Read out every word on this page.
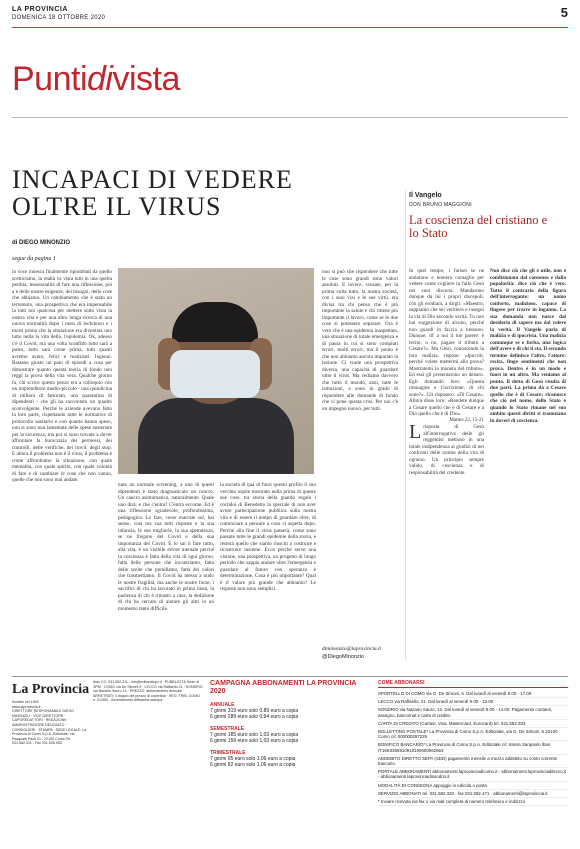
LA PROVINCIA
DOMENICA 18 OTTOBRE 2020	5
Puntidivista
INCAPACI DI VEDERE
OLTRE IL VIRUS
di DIEGO MINONZIO
segue da pagina 1
in voce innesca finalmente ripiombati da quello scetticismo, la realtà va vista tutti in una quella perdita, lessenzialità di fare una riflessione, poi a e delle nostre esigenze, dei bisogni, delle cose che abbiamo. Un cambiamento che è stato un terremoto, una prospettiva che era impensabile la tutti noi qualcosa per mettere sotto vista la nostra vita e per una altro lunga ricerca di una nuova normalità dopo i mesi di lockdown e i morti prima che la situazione era diventata uno lutto nella la vita della, l'epidemia. Ok, adesso c'è il Covid, ma una volta sconfitto tutto sarà a posto, tutto sarà come prima, tutti quanti avremo avuto, felici e realizzati. Ingenui. Bastano giusto un paio di episodi a cosa per dimostrare quanto questa teoria di fondo non reggi la prova della vita vera. Qualche giorno fa, chi scrive questo pezzo era a colloquio con un imprenditore medio-piccolo - una quindicina di milioni di fatturato, una quarantina di dipendenti - che gli ha raccontato un quadro sconvolgente. Perché le aziende avevano fatto la loro parte, rispettando tutte le normative di protocollo sanitario e con quanto hanno speso, non si sono mai lamentate delle spese sostenute per la sicurezza, ma poi si sono trovate a dover affrontare la burocrazia dei permessi, dei controlli, delle verifiche, dei rinvii, degli stop. E allora il problema non è il virus, il problema è come affrontiamo la situazione, con quale mentalità, con quale spirito, con quale volontà di fare e di cambiare le cose che non vanno, quelle che non sono mai andate.
nute un normale screening, a uno di questi dipendenti è stato diagnosticato un cancro. Un cancro asintomatico, naturalmente. Quale uno dirà: e che c'entra? C'entra eccome. Ed è una riflessione sgradevole, profondissima, pedagogica. Lo fare, corse marcate sul, hai senso, così rea sua tutti risposte e la sua infanzia, le sue migliorie, la sua spettatezza, se ne fregano del Covid e della sua importanza del Covid. E lo sai il fare tutto, alla vita, è un visibile errore mentale perché la coscienza è fatta della vita di ogni giorno, fatta delle persone che incontriamo, fatta delle scelte che prendiamo, fatta dei valori che trasmettiamo. Il Covid ha messo a nudo le nostre fragilità, ma anche le nostre forze, i sacrifici di chi ha lavorato in prima linea, la pazienza di chi è rimasto a casa, la dedizione di chi ha cercato di aiutare gli altri in un momento tanto difficile.
la società di qua di fuori questo profilo il suo vecchio ospite mostrato nella prima di queste sue cose, tra storia della guardo regalo i corridoi di Benedetto la speciale di non aver avuto partecipazione pubblica sulla nostra vita e di essere il tempo di guardare oltre, di cominciare a pensare a cosa ci aspetta dopo. Perché alla fine il virus passerà, come sono passate tutte le grandi epidemie della storia, e resterà quello che siamo riusciti a costruire e ricostruire insieme. Ecco perché serve una visione, una prospettiva, un progetto di lungo periodo che sappia andare oltre l'emergenza e guardare al futuro con speranza e determinazione. Cosa è più importante? Qual è il valore più grande che abbiamo? Le risposte non sono semplici.
non si può che rispondere che tutte le cose sono grandi sono valori assoluti. E invece, scusate, per la prima volta tutto, la nostra società, con i suoi vizi e le sue virtù, era divisa tra chi pensa che è più importante la salute e chi ritiene più importante il lavoro, come se le due cose si potessero separare. Ora è vero che è una epidemia inaspettata, una situazione di totale emergenza e di paura in cui si sono compiuti errori, molti errori, ma il punto è che non abbiamo ancora imparato la lezione. Ci vuole una prospettiva diversa, una capacità di guardare oltre il virus. Ma vediamo davvero che tutto il mondo, anzi, tutte le istituzioni, o sono in grado di rispondere alle domande di fondo che ci pone questa crisi. Per noi c'è un impegno nuovo, per tutti.
diminonzio@laprovincia.it
@DiegoMinonzio
Il Vangelo
DON BRUNO MAGGIONI
La coscienza del cristiano e lo Stato
In quel tempo, i farisei se ne andarono e tennero consiglio per vedere come cogliere in fallo Gesù nei suoi discorsi. Mandarono dunque da lui i propri discepoli, con gli erodiani, a dirgli: «Maestro, sappiamo che sei veritiero e insegni la via di Dio secondo verità. Tu non hai soggezione di alcuno, perché non guardi in faccia a nessuno. Dunque, di' a noi il tuo parere: è lecito, o no, pagare il tributo a Cesare?». Ma Gesù, conoscendo la loro malizia, rispose: «Ipocriti, perché volete mettermi alla prova? Mostratemi la moneta del tributo». Ed essi gli presentarono un denaro. Egli domandò loro: «Questa immagine e l'iscrizione, di chi sono?». Gli risposero: «Di Cesare». Allora disse loro: «Rendete dunque a Cesare quello che è di Cesare e a Dio quello che è di Dio».
Matteo 22, 15-21
Lrisposta di Gesù all'interrogativo delle gli reggentisi mettono in una totale indipendenza ai giudizi di nei confronti delle norme della vita di ognuno. Un principio sempre valido, di coscienza e di responsabilità del credente.
Non dice ciò che gli è utile, non è condizionato dal consenso e dalla popolarità: dice ciò che è vero. Tutto il contrario della figura dell'interrogante: un uomo conforto, malizioso, capace di fingere per trarre in inganno. La sua domanda non nasce dal desiderio di sapere ma dal volere la verità. Il Vangelo parla di malizia e di ipocrisia. Una malizia comunque se e furba, una logica dell'avere e di chi ti sta. Il secondo termine definisce l'altro, l'attore: recita, finge sentimenti che non prova. Dentro è in un modo e fuori in un altro. Ma veniamo al punto. Il detto di Gesù risulta di due parti. La prima dà a Cesare quello che è di Cesare; riconosce che ciò nel nome, dello Stato e quando lo Stato rimane nel suo ambito questi diritti si tramutano in doveri di coscienza.
La Provincia
fondato nel 1892
www.laprovincia.it
DIRETTORE RESPONSABILE DIEGO MINONZIO · VICE DIRETTORE · CAPOREDATTORI · REDAZIONE · AMMINISTRATORE DELEGATO · CONSIGLIERI · STAMPA · SEDE LEGALE: La Provincia di Como S.p.A. Editoriale, via Pasquale Paoli 21 - 22100 Como Tel. 031.582.311 - Fax 031.505.555
Iban CC: 031.582.311 - info@editorialepc.it · PUBBLICITÀ Sede di SPM · COMO via De Simoni 6 · LECCO via Raffaello 21 · SONDRIO via Nazario Sauro 13 · PREZZO: abbonamento annuale · ARRETRATI: il doppio del prezzo di copertina · REG. TRIB. COMO n. 2/1950 · Accertamento diffusione stampa
CAMPAGNA ABBONAMENTI LA PROVINCIA 2020
ANNUALE
7 giorni 319 euro solo 0,89 euro a copia
6 giorni 289 euro solo 0,94 euro a copia
SEMESTRALE
7 giorni 185 euro solo 1,03 euro a copia
6 giorni 159 euro solo 1,03 euro a copia
TRIMESTRALE
7 giorni 95 euro solo 1,06 euro a copia
6 giorni 82 euro solo 1,06 euro a copia
COME ABBONARSI
SPORTELLO DI COMO via G. De Simoni, 6. Dal lunedì al venerdì 9.00 - 17.00
LECCO via Raffaello, 21. Dal lunedì al venerdì 9.00 - 13.00
SONDRIO via Nazario Sauro, 13. Dal lunedì al venerdì 9.00 - 14.00. Pagamento contanti, assegno, bancomat e carta di credito.
CARTA DI CREDITO (Cartasì, Visa, Mastercard, Eurocard) tel. 031.582.333.
BOLLETTINO POSTALE* La Provincia di Como S.p.A. Editoriale, via G. De Simoni, 6 22100 Como c/c 000000297226
BONIFICO BANCARIO* La Provincia di Como S.p.A. Editoriale c/c Intesa Sanpaolo Iban IT16K0306910910100000062663
ADDEBITO DIRETTO SEPA (SDD) pagamento mensile a mezzo addebito su conto corrente bancario.
PORTALE ABBONAMENTI abbonamenti.laprovinciadicomo.it - abbonamenti.laprovinciadilecco.it - abbonamenti.laprovinciadisondrio.it
MODALITÀ DI CONSEGNA appoggio in edicola o posta
SERVIZIO ABBONATI tel. 031.582.333 - fax 031.582.471 · abbonamenti@laprovincia.it
* Inviare ricevuta via fax o via mail completa di numero telefonico e indirizzo
